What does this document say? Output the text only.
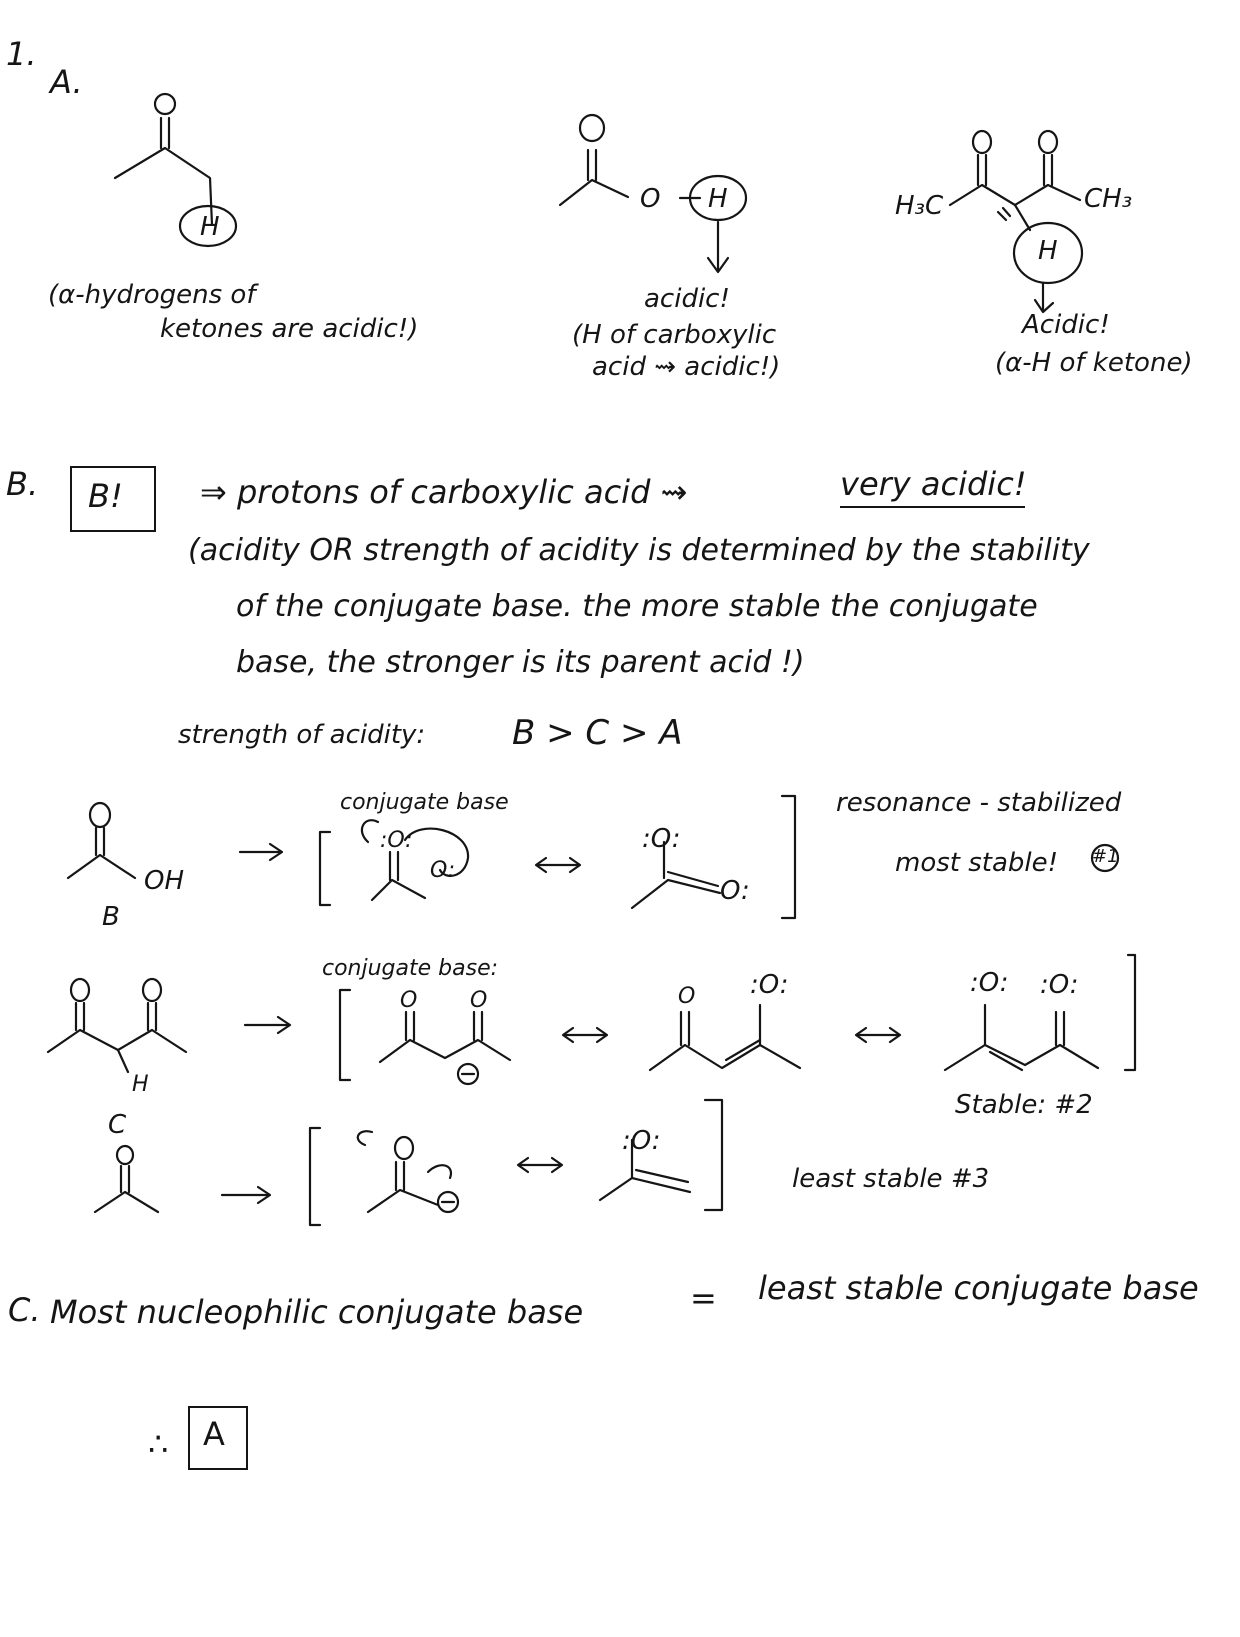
1.
A.
H
(α-hydrogens of
ketones are acidic!)
O H
acidic!
(H of carboxylic
acid ⇝ acidic!)
H₃C	CH₃
H
Acidic!
(α-H of ketone)
B. B! ⇒ protons of carboxylic acid ⇝	very acidic!
(acidity OR strength of acidity is determined by the stability
of the conjugate base. the more stable the conjugate
base, the stronger is its parent acid !)
strength of acidity:	B > C > A
OH
B
conjugate base
:O:
O:
:O:
O:
resonance - stabilized
most stable! #1
H
C
conjugate base:
O O	O :O:	:O: :O:
Stable: #2
:O:
least stable #3
C. Most nucleophilic conjugate base	= least stable conjugate base
∴ A
